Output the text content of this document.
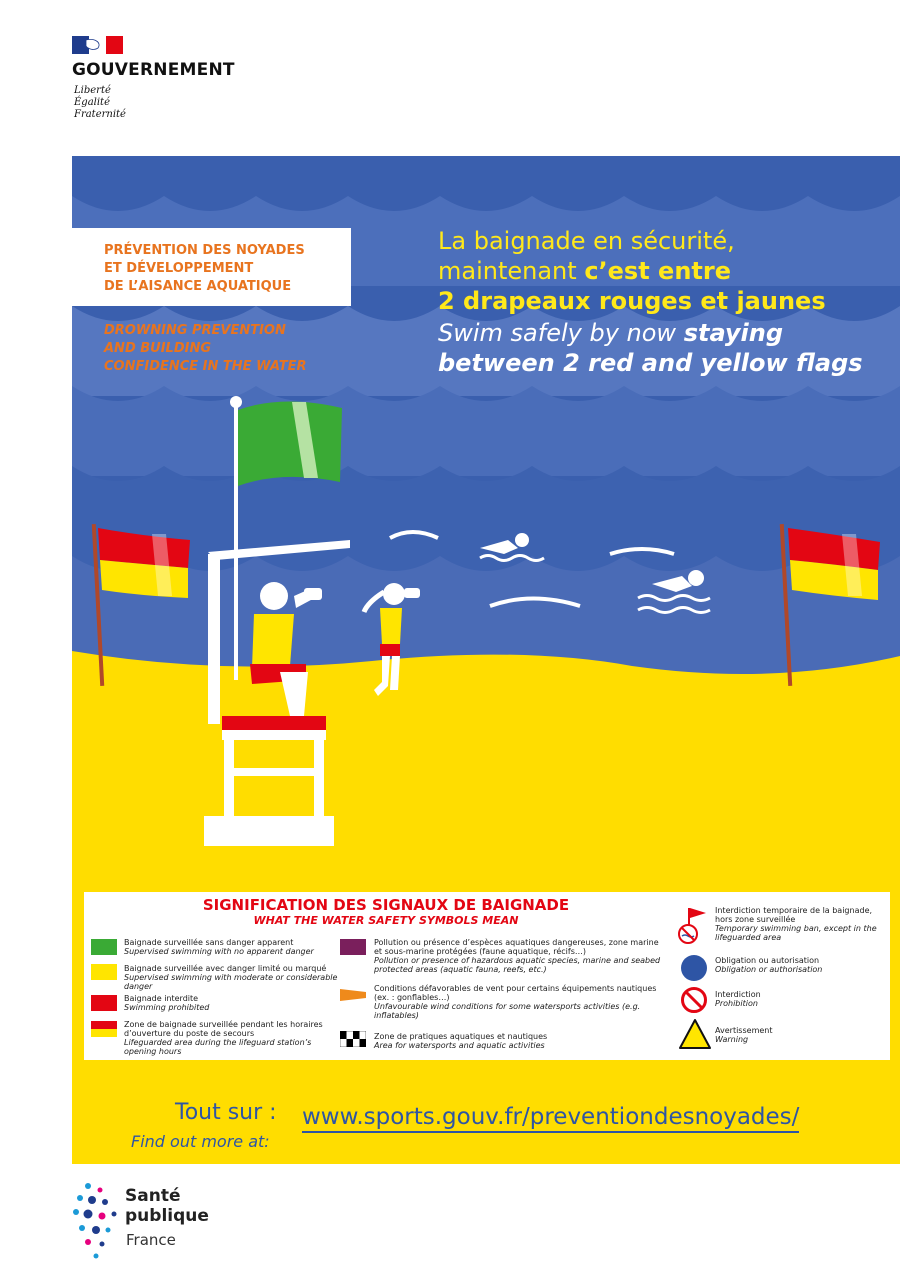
GOUVERNEMENT
Liberté
Égalité
Fraternité
PRÉVENTION DES NOYADES
ET DÉVELOPPEMENT
DE L’AISANCE AQUATIQUE
DROWNING PREVENTION
AND BUILDING
CONFIDENCE IN THE WATER
La baignade en sécurité,
maintenant c’est entre
2 drapeaux rouges et jaunes
Swim safely by now staying
between 2 red and yellow flags
SIGNIFICATION DES SIGNAUX DE BAIGNADE
WHAT THE WATER SAFETY SYMBOLS MEAN
Baignade surveillée sans danger apparent
Supervised swimming with no apparent danger
Baignade surveillée avec danger limité ou marqué
Supervised swimming with moderate or considerable danger
Baignade interdite
Swimming prohibited
Zone de baignade surveillée pendant les horaires d’ouverture du poste de secours
Lifeguarded area during the lifeguard station’s opening hours
Pollution ou présence d’espèces aquatiques dangereuses, zone marine et sous-marine protégées (faune aquatique, récifs…)
Pollution or presence of hazardous aquatic species, marine and seabed protected areas (aquatic fauna, reefs, etc.)
Conditions défavorables de vent pour certains équipements nautiques (ex. : gonflables…)
Unfavourable wind conditions for some watersports activities (e.g. inflatables)
Zone de pratiques aquatiques et nautiques
Area for watersports and aquatic activities
Interdiction temporaire de la baignade, hors zone surveillée
Temporary swimming ban, except in the lifeguarded area
Obligation ou autorisation
Obligation or authorisation
Interdiction
Prohibition
Avertissement
Warning
Tout sur :
Find out more at:
www.sports.gouv.fr/preventiondesnoyades/
Santé
publique
France
